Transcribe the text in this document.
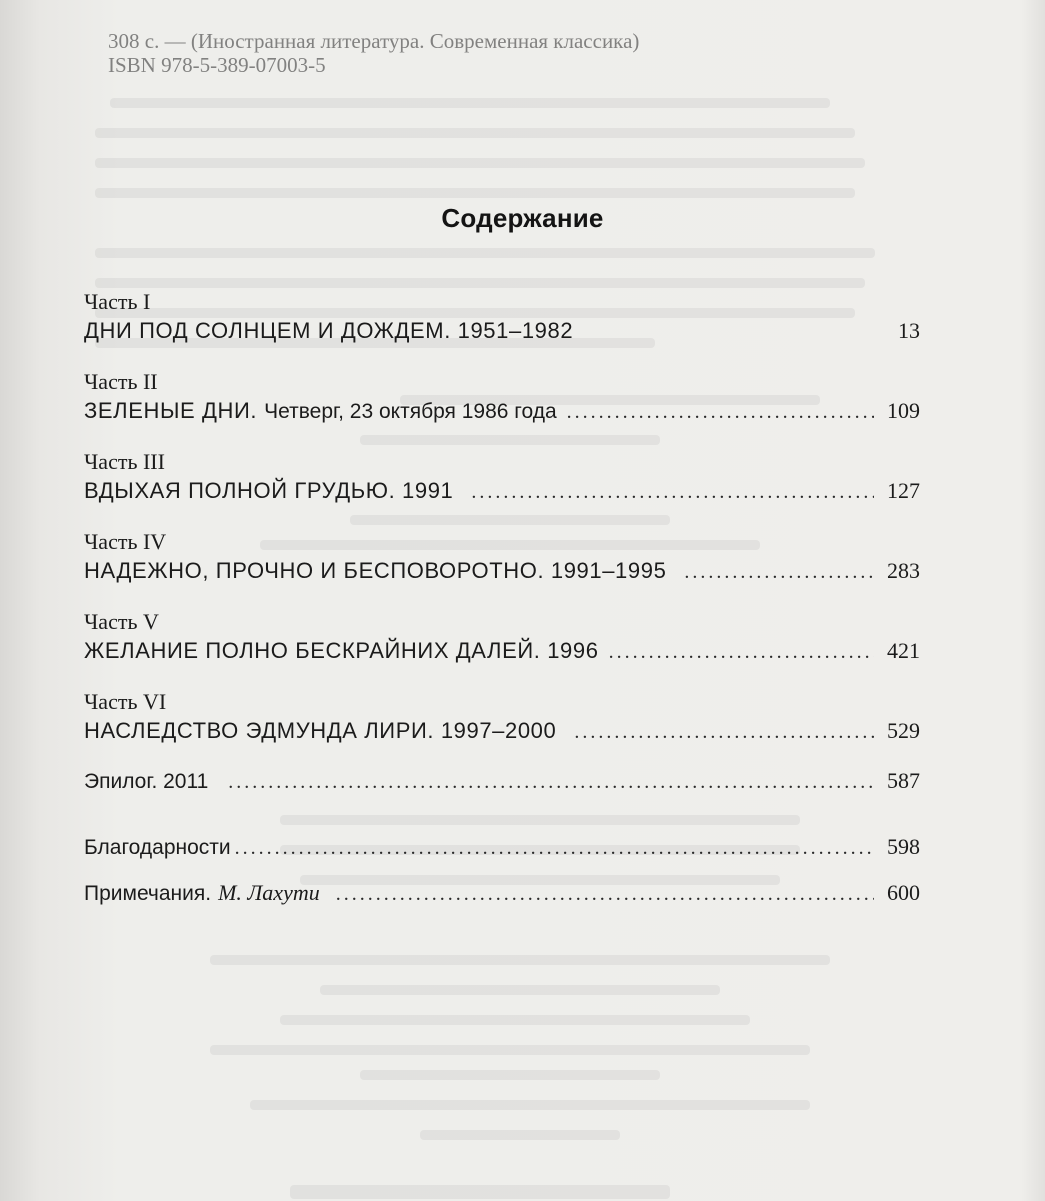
308 с. — (Иностранная литература. Современная классика)
ISBN 978-5-389-07003-5
Содержание
Часть I
ДНИ ПОД СОЛНЦЕМ И ДОЖДЕМ. 1951–1982	13
Часть II
ЗЕЛЕНЫЕ ДНИ. Четверг, 23 октября 1986 года . . .	109
Часть III
ВДЫХАЯ ПОЛНОЙ ГРУДЬЮ. 1991 . . .	127
Часть IV
НАДЕЖНО, ПРОЧНО И БЕСПОВОРОТНО. 1991–1995 . . .	283
Часть V
ЖЕЛАНИЕ ПОЛНО БЕСКРАЙНИХ ДАЛЕЙ. 1996 . . .	421
Часть VI
НАСЛЕДСТВО ЭДМУНДА ЛИРИ. 1997–2000 . . .	529
Эпилог. 2011 . . .	587
Благодарности . . .	598
Примечания. М. Лахути . . .	600
